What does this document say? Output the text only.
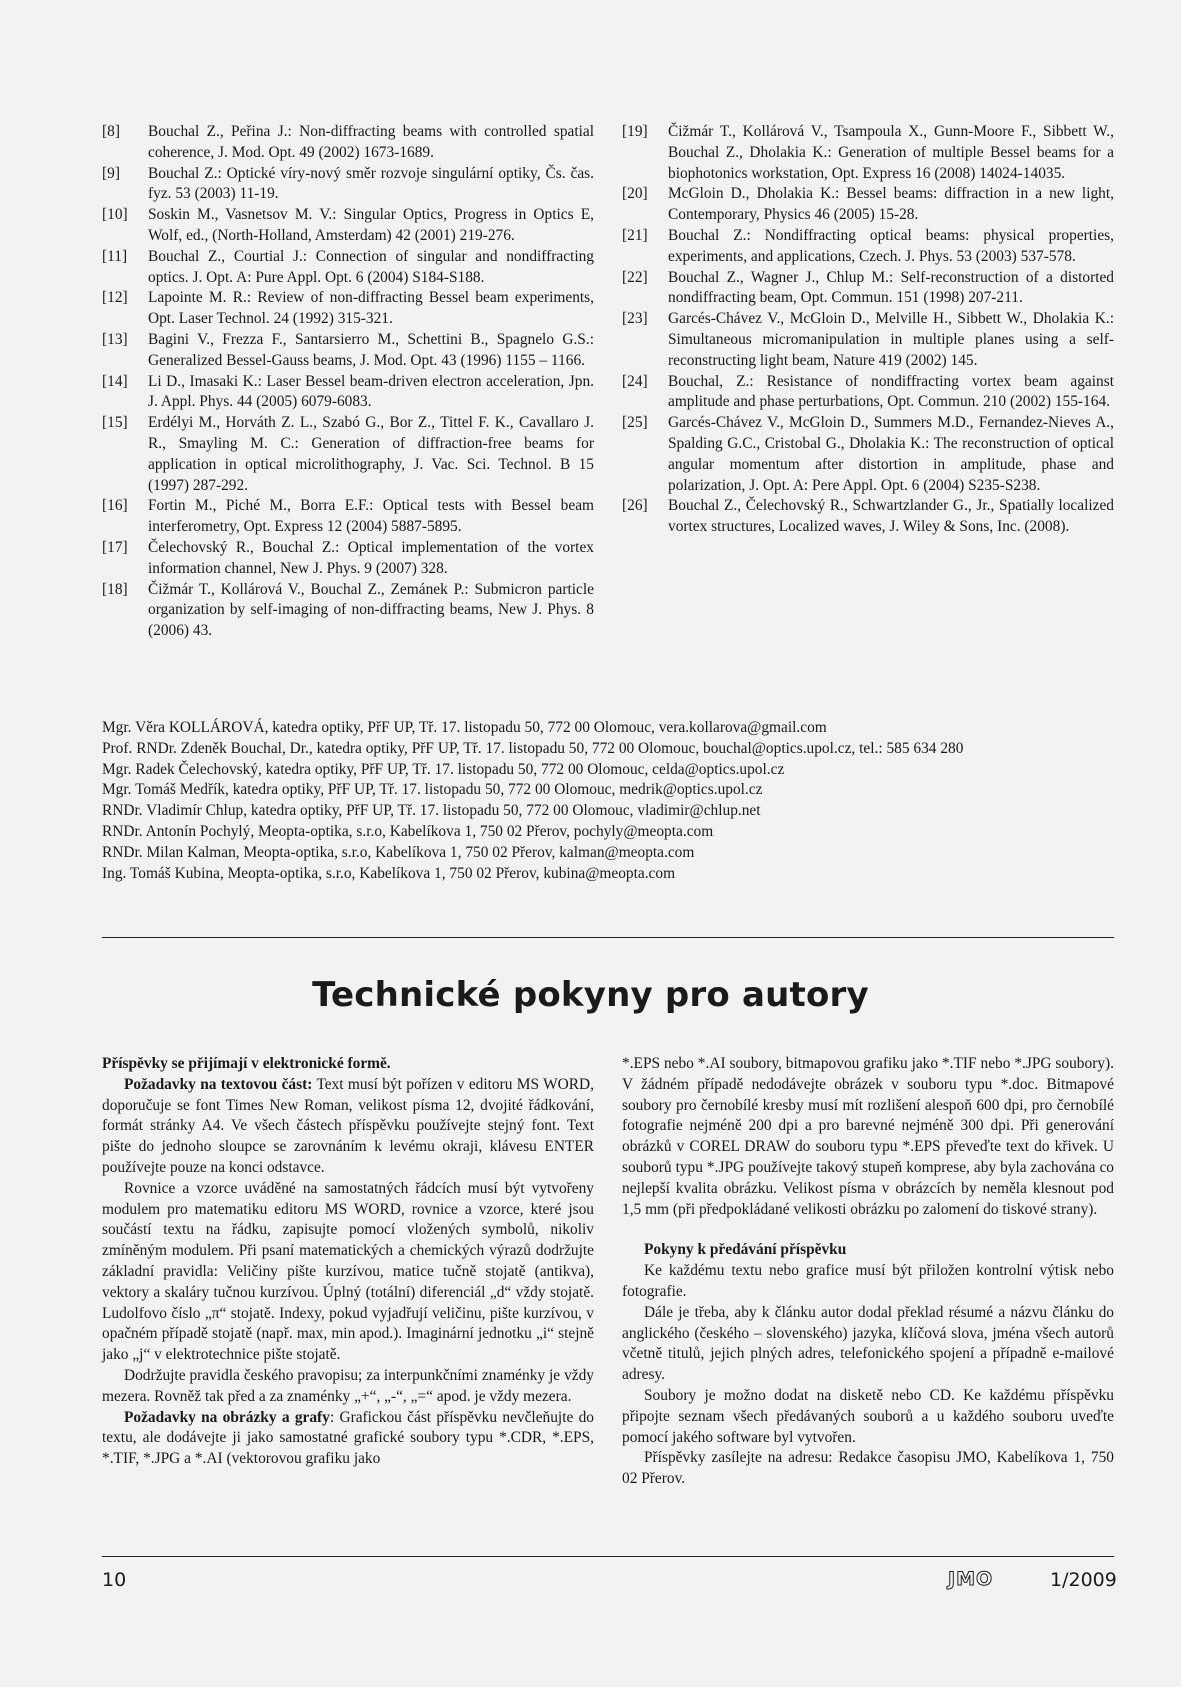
[8]	Bouchal Z., Peřina J.: Non-diffracting beams with controlled spatial coherence, J. Mod. Opt. 49 (2002) 1673-1689.
[9]	Bouchal Z.: Optické víry-nový směr rozvoje singulární optiky, Čs. čas. fyz. 53 (2003) 11-19.
[10]	Soskin M., Vasnetsov M. V.: Singular Optics, Progress in Optics E, Wolf, ed., (North-Holland, Amsterdam) 42 (2001) 219-276.
[11]	Bouchal Z., Courtial J.: Connection of singular and nondiffracting optics. J. Opt. A: Pure Appl. Opt. 6 (2004) S184-S188.
[12]	Lapointe M. R.: Review of non-diffracting Bessel beam experiments, Opt. Laser Technol. 24 (1992) 315-321.
[13]	Bagini V., Frezza F., Santarsierro M., Schettini B., Spagnelo G.S.: Generalized Bessel-Gauss beams, J. Mod. Opt. 43 (1996) 1155 – 1166.
[14]	Li D., Imasaki K.: Laser Bessel beam-driven electron acceleration, Jpn. J. Appl. Phys. 44 (2005) 6079-6083.
[15]	Erdélyi M., Horváth Z. L., Szabó G., Bor Z., Tittel F. K., Cavallaro J. R., Smayling M. C.: Generation of diffraction-free beams for application in optical microlithography, J. Vac. Sci. Technol. B 15 (1997) 287-292.
[16]	Fortin M., Piché M., Borra E.F.: Optical tests with Bessel beam interferometry, Opt. Express 12 (2004) 5887-5895.
[17]	Čelechovský R., Bouchal Z.: Optical implementation of the vortex information channel, New J. Phys. 9 (2007) 328.
[18]	Čižmár T., Kollárová V., Bouchal Z., Zemánek P.: Submicron particle organization by self-imaging of non-diffracting beams, New J. Phys. 8 (2006) 43.
[19]	Čižmár T., Kollárová V., Tsampoula X., Gunn-Moore F., Sibbett W., Bouchal Z., Dholakia K.: Generation of multiple Bessel beams for a biophotonics workstation, Opt. Express 16 (2008) 14024-14035.
[20]	McGloin D., Dholakia K.: Bessel beams: diffraction in a new light, Contemporary, Physics 46 (2005) 15-28.
[21]	Bouchal Z.: Nondiffracting optical beams: physical properties, experiments, and applications, Czech. J. Phys. 53 (2003) 537-578.
[22]	Bouchal Z., Wagner J., Chlup M.: Self-reconstruction of a distorted nondiffracting beam, Opt. Commun. 151 (1998) 207-211.
[23]	Garcés-Chávez V., McGloin D., Melville H., Sibbett W., Dholakia K.: Simultaneous micromanipulation in multiple planes using a self-reconstructing light beam, Nature 419 (2002) 145.
[24]	Bouchal, Z.: Resistance of nondiffracting vortex beam against amplitude and phase perturbations, Opt. Commun. 210 (2002) 155-164.
[25]	Garcés-Chávez V., McGloin D., Summers M.D., Fernandez-Nieves A., Spalding G.C., Cristobal G., Dholakia K.: The reconstruction of optical angular momentum after distortion in amplitude, phase and polarization, J. Opt. A: Pere Appl. Opt. 6 (2004) S235-S238.
[26]	Bouchal Z., Čelechovský R., Schwartzlander G., Jr., Spatially localized vortex structures, Localized waves, J. Wiley & Sons, Inc. (2008).
Mgr. Věra KOLLÁROVÁ, katedra optiky, PřF UP, Tř. 17. listopadu 50, 772 00 Olomouc, vera.kollarova@gmail.com
Prof. RNDr. Zdeněk Bouchal, Dr., katedra optiky, PřF UP, Tř. 17. listopadu 50, 772 00 Olomouc, bouchal@optics.upol.cz, tel.: 585 634 280
Mgr. Radek Čelechovský, katedra optiky, PřF UP, Tř. 17. listopadu 50, 772 00 Olomouc, celda@optics.upol.cz
Mgr. Tomáš Medřík, katedra optiky, PřF UP, Tř. 17. listopadu 50, 772 00 Olomouc, medrik@optics.upol.cz
RNDr. Vladimír Chlup, katedra optiky, PřF UP, Tř. 17. listopadu 50, 772 00 Olomouc, vladimir@chlup.net
RNDr. Antonín Pochylý, Meopta-optika, s.r.o, Kabelíkova 1, 750 02 Přerov, pochyly@meopta.com
RNDr. Milan Kalman, Meopta-optika, s.r.o, Kabelíkova 1, 750 02 Přerov, kalman@meopta.com
Ing. Tomáš Kubina, Meopta-optika, s.r.o, Kabelíkova 1, 750 02 Přerov, kubina@meopta.com
Technické pokyny pro autory

Příspěvky se přijímají v elektronické formě.

Požadavky na textovou část: Text musí být pořízen v editoru MS WORD, doporučuje se font Times New Roman, velikost písma 12, dvojité řádkování, formát stránky A4. Ve všech částech příspěvku používejte stejný font. Text pište do jednoho sloupce se zarovnáním k levému okraji, klávesu ENTER používejte pouze na konci odstavce.

Rovnice a vzorce uváděné na samostatných řádcích musí být vytvořeny modulem pro matematiku editoru MS WORD, rovnice a vzorce, které jsou součástí textu na řádku, zapisujte pomocí vložených symbolů, nikoliv zmíněným modulem. Při psaní matematických a chemických výrazů dodržujte základní pravidla: Veličiny pište kurzívou, matice tučně stojatě (antikva), vektory a skaláry tučnou kurzívou. Úplný (totální) diferenciál „d“ vždy stojatě. Ludolfovo číslo „π“ stojatě. Indexy, pokud vyjadřují veličinu, pište kurzívou, v opačném případě stojatě (např. max, min apod.). Imaginární jednotku „i“ stejně jako „j“ v elektrotechnice pište stojatě.

Dodržujte pravidla českého pravopisu; za interpunkčními znaménky je vždy mezera. Rovněž tak před a za znaménky „+“, „-“, „=“ apod. je vždy mezera.

Požadavky na obrázky a grafy: Grafickou část příspěvku nevčleňujte do textu, ale dodávejte ji jako samostatné grafické soubory typu *.CDR, *.EPS, *.TIF, *.JPG a *.AI (vektorovou grafiku jako

*.EPS nebo *.AI soubory, bitmapovou grafiku jako *.TIF nebo *.JPG soubory). V žádném případě nedodávejte obrázek v souboru typu *.doc. Bitmapové soubory pro černobílé kresby musí mít rozlišení alespoň 600 dpi, pro černobílé fotografie nejméně 200 dpi a pro barevné nejméně 300 dpi. Při generování obrázků v COREL DRAW do souboru typu *.EPS převeďte text do křivek. U souborů typu *.JPG používejte takový stupeň komprese, aby byla zachována co nejlepší kvalita obrázku. Velikost písma v obrázcích by neměla klesnout pod 1,5 mm (při předpokládané velikosti obrázku po zalomení do tiskové strany).

Pokyny k předávání příspěvku

Ke každému textu nebo grafice musí být přiložen kontrolní výtisk nebo fotografie.

Dále je třeba, aby k článku autor dodal překlad résumé a názvu článku do anglického (českého – slovenského) jazyka, klíčová slova, jména všech autorů včetně titulů, jejich plných adres, telefonického spojení a případně e-mailové adresy.

Soubory je možno dodat na disketě nebo CD. Ke každému příspěvku připojte seznam všech předávaných souborů a u každého souboru uveďte pomocí jakého software byl vytvořen.

Příspěvky zasílejte na adresu: Redakce časopisu JMO, Kabelíkova 1, 750 02 Přerov.

10	JMO	1/2009
